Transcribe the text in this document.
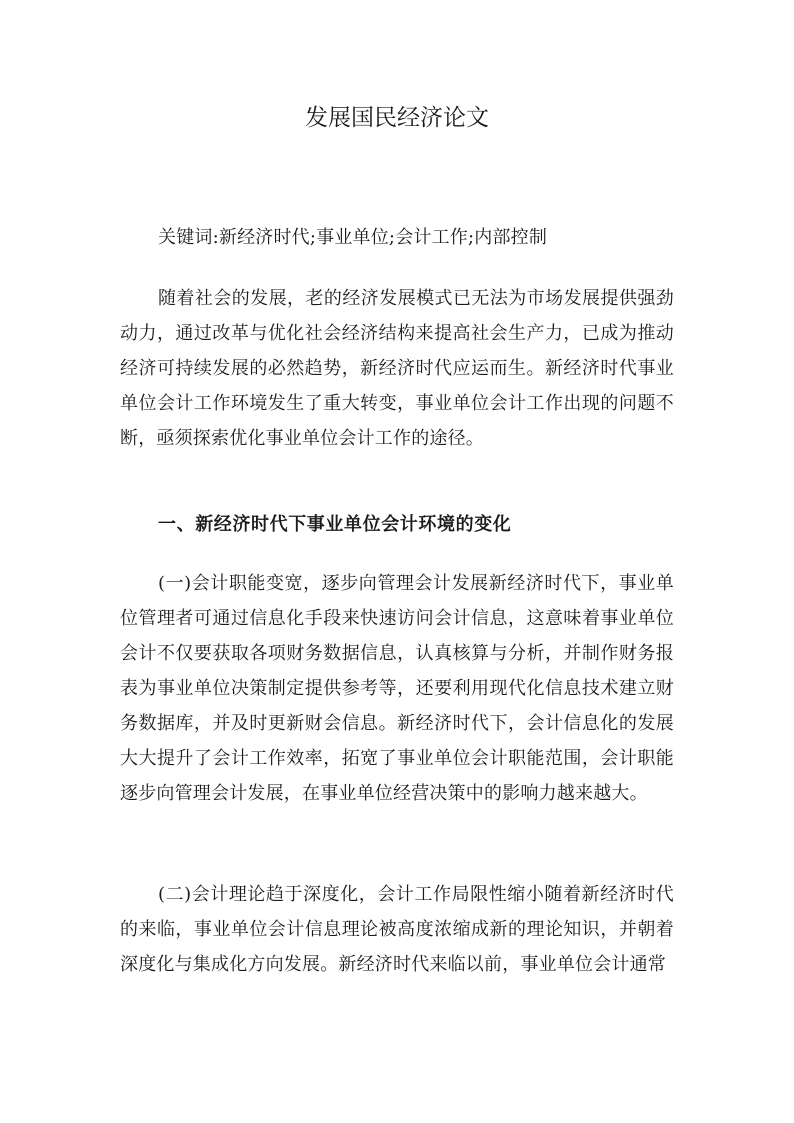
发展国民经济论文
关键词:新经济时代;事业单位;会计工作;内部控制
随着社会的发展，老的经济发展模式已无法为市场发展提供强劲动力，通过改革与优化社会经济结构来提高社会生产力，已成为推动经济可持续发展的必然趋势，新经济时代应运而生。新经济时代事业单位会计工作环境发生了重大转变，事业单位会计工作出现的问题不断，亟须探索优化事业单位会计工作的途径。
一、新经济时代下事业单位会计环境的变化
(一)会计职能变宽，逐步向管理会计发展新经济时代下，事业单位管理者可通过信息化手段来快速访问会计信息，这意味着事业单位会计不仅要获取各项财务数据信息，认真核算与分析，并制作财务报表为事业单位决策制定提供参考等，还要利用现代化信息技术建立财务数据库，并及时更新财会信息。新经济时代下，会计信息化的发展大大提升了会计工作效率，拓宽了事业单位会计职能范围，会计职能逐步向管理会计发展，在事业单位经营决策中的影响力越来越大。
(二)会计理论趋于深度化，会计工作局限性缩小随着新经济时代的来临，事业单位会计信息理论被高度浓缩成新的理论知识，并朝着深度化与集成化方向发展。新经济时代来临以前，事业单位会计通常
